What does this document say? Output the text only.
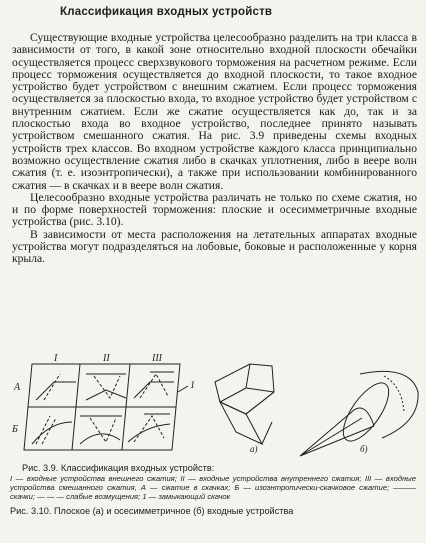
Классификация входных устройств

Существующие входные устройства целесообразно разделить на три класса в зависимости от того, в какой зоне относительно входной плоскости обечайки осуществляется процесс сверхзвукового торможения на расчетном режиме. Если процесс торможения осуществляется до входной плоскости, то такое входное устройство будет устройством с внешним сжатием. Если процесс торможения осуществляется за плоскостью входа, то входное устройство будет устройством с внутренним сжатием. Если же сжатие осуществляется как до, так и за плоскостью входа во входное устройство, последнее принято называть устройством смешанного сжатия. На рис. 3.9 приведены схемы входных устройств трех классов. Во входном устройстве каждого класса принципиально возможно осуществление сжатия либо в скачках уплотнения, либо в веере волн сжатия (т. е. изоэнтропически), а также при использовании комбинированного сжатия — в скачках и в веере волн сжатия.

Целесообразно входные устройства различать не только по схеме сжатия, но и по форме поверхностей торможения: плоские и осесимметричные входные устройства (рис. 3.10).

В зависимости от места расположения на летательных аппаратах входные устройства могут подразделяться на лобовые, боковые и расположенные у корня крыла.

I	II	III
А
Б
1
а)	б)

Рис. 3.9. Классификация входных устройств:

I — входные устройства внешнего сжатия; II — входные устройства внутреннего сжатия; III — входные устройства смешанного сжатия, А — сжатие в скачках; Б — изоэнтропически-скачковое сжатие; ——— скачки; — — — слабые возмущения; 1 — замыкающий скачок

Рис. 3.10. Плоское (а) и осесимметричное (б) входные устройства
